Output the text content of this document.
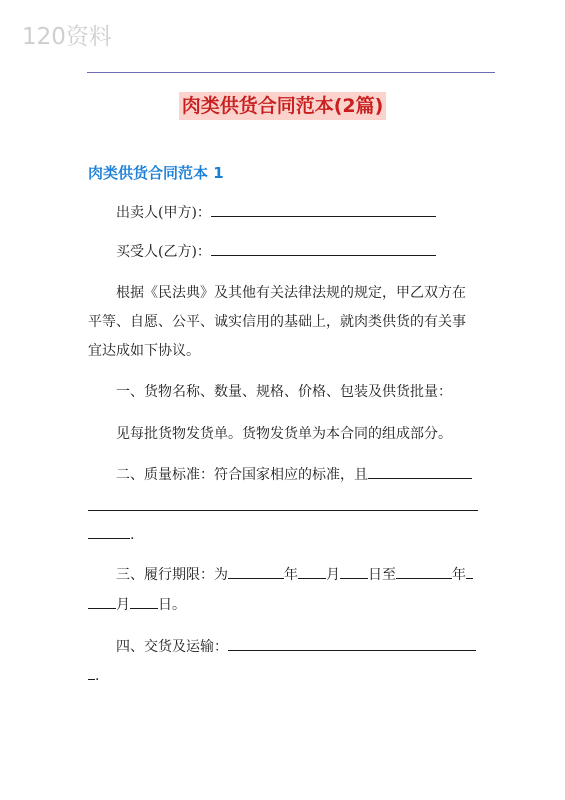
120资料
肉类供货合同范本(2篇)
肉类供货合同范本 1
出卖人(甲方)：
买受人(乙方)：
根据《民法典》及其他有关法律法规的规定，甲乙双方在
平等、自愿、公平、诚实信用的基础上，就肉类供货的有关事
宜达成如下协议。
一、货物名称、数量、规格、价格、包装及供货批量：
见每批货物发货单。货物发货单为本合同的组成部分。
二、质量标准：符合国家相应的标准，且
.
三、履行期限：为	年 月 日至	年
月 日。
四、交货及运输：
.
